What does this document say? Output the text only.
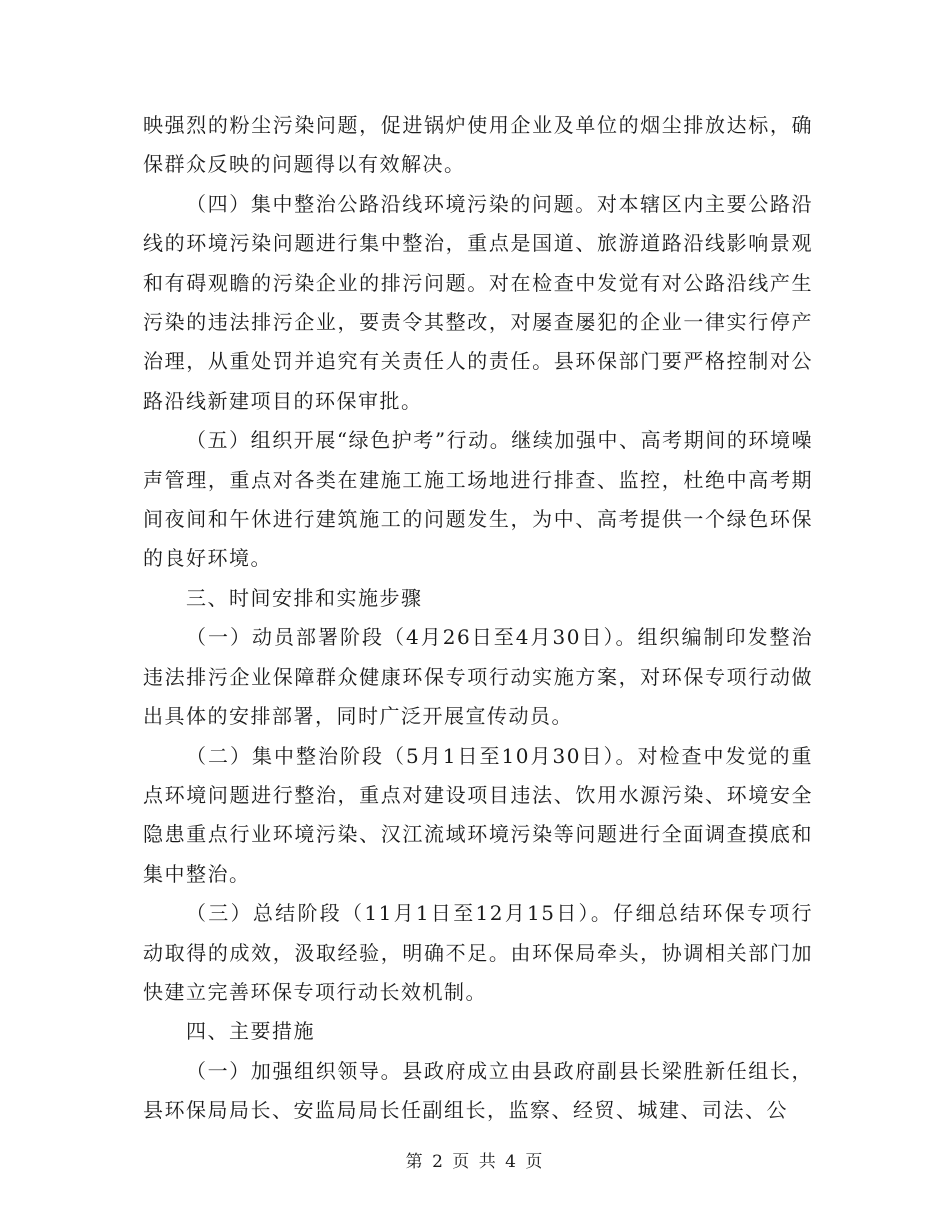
映强烈的粉尘污染问题，促进锅炉使用企业及单位的烟尘排放达标，确保群众反映的问题得以有效解决。

（四）集中整治公路沿线环境污染的问题。对本辖区内主要公路沿线的环境污染问题进行集中整治，重点是国道、旅游道路沿线影响景观和有碍观瞻的污染企业的排污问题。对在检查中发觉有对公路沿线产生污染的违法排污企业，要责令其整改，对屡查屡犯的企业一律实行停产治理，从重处罚并追究有关责任人的责任。县环保部门要严格控制对公路沿线新建项目的环保审批。

（五）组织开展“绿色护考”行动。继续加强中、高考期间的环境噪声管理，重点对各类在建施工施工场地进行排查、监控，杜绝中高考期间夜间和午休进行建筑施工的问题发生，为中、高考提供一个绿色环保的良好环境。

三、时间安排和实施步骤

（一）动员部署阶段（4月26日至4月30日）。组织编制印发整治违法排污企业保障群众健康环保专项行动实施方案，对环保专项行动做出具体的安排部署，同时广泛开展宣传动员。

（二）集中整治阶段（5月1日至10月30日）。对检查中发觉的重点环境问题进行整治，重点对建设项目违法、饮用水源污染、环境安全隐患重点行业环境污染、汉江流域环境污染等问题进行全面调查摸底和集中整治。

（三）总结阶段（11月1日至12月15日）。仔细总结环保专项行动取得的成效，汲取经验，明确不足。由环保局牵头，协调相关部门加快建立完善环保专项行动长效机制。

四、主要措施

（一）加强组织领导。县政府成立由县政府副县长梁胜新任组长，县环保局局长、安监局局长任副组长，监察、经贸、城建、司法、公

第 2 页 共 4 页
